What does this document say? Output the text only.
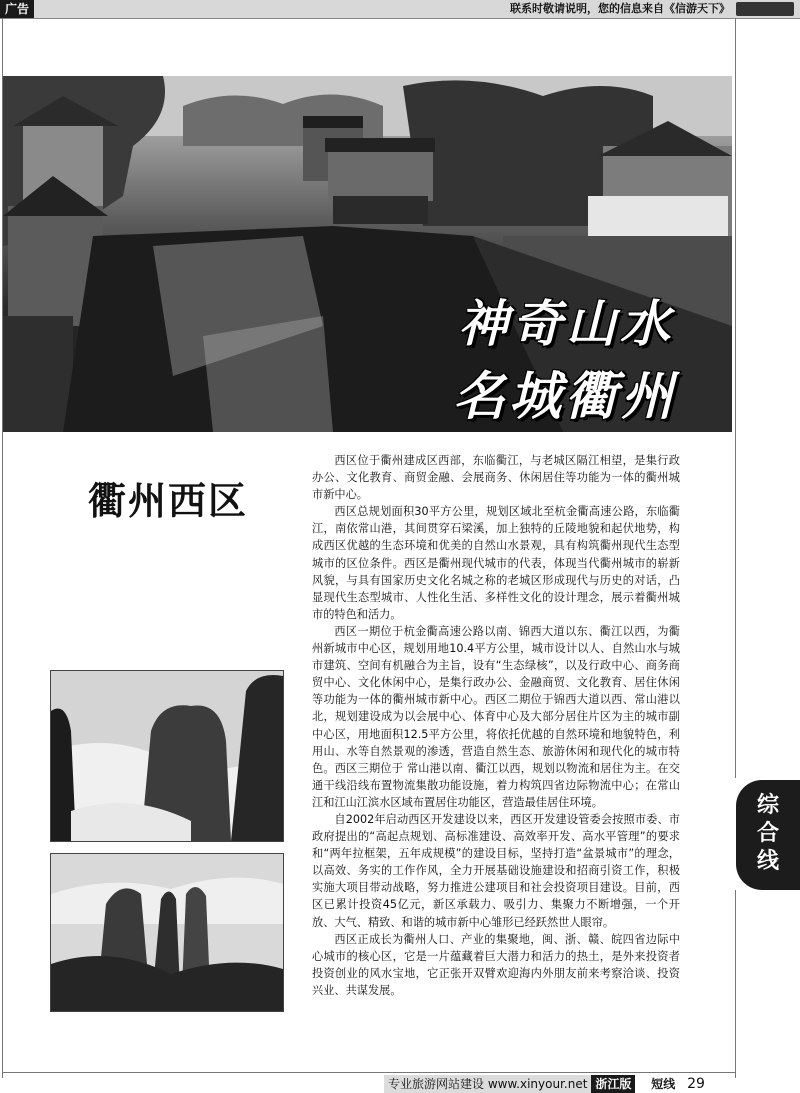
广告	联系时敬请说明，您的信息来自《信游天下》
神奇山水
名城衢州
衢州西区

西区位于衢州建成区西部，东临衢江，与老城区隔江相望，是集行政办公、文化教育、商贸金融、会展商务、休闲居住等功能为一体的衢州城市新中心。

西区总规划面积30平方公里，规划区域北至杭金衢高速公路，东临衢江，南依常山港，其间贯穿石梁溪，加上独特的丘陵地貌和起伏地势，构成西区优越的生态环境和优美的自然山水景观，具有构筑衢州现代生态型城市的区位条件。西区是衢州现代城市的代表，体现当代衢州城市的崭新风貌，与具有国家历史文化名城之称的老城区形成现代与历史的对话，凸显现代生态型城市、人性化生活、多样性文化的设计理念，展示着衢州城市的特色和活力。

西区一期位于杭金衢高速公路以南、锦西大道以东、衢江以西，为衢州新城市中心区，规划用地10.4平方公里，城市设计以人、自然山水与城市建筑、空间有机融合为主旨，设有“生态绿核”，以及行政中心、商务商贸中心、文化休闲中心，是集行政办公、金融商贸、文化教育、居住休闲等功能为一体的衢州城市新中心。西区二期位于锦西大道以西、常山港以北，规划建设成为以会展中心、体育中心及大部分居住片区为主的城市副中心区，用地面积12.5平方公里，将依托优越的自然环境和地貌特色，利用山、水等自然景观的渗透，营造自然生态、旅游休闲和现代化的城市特色。西区三期位于 常山港以南、衢江以西，规划以物流和居住为主。在交通干线沿线布置物流集散功能设施，着力构筑四省边际物流中心；在常山江和江山江滨水区域布置居住功能区，营造最佳居住环境。

自2002年启动西区开发建设以来，西区开发建设管委会按照市委、市政府提出的“高起点规划、高标准建设、高效率开发、高水平管理”的要求和“两年拉框架，五年成规模”的建设目标，坚持打造“盆景城市”的理念，以高效、务实的工作作风，全力开展基础设施建设和招商引资工作，积极实施大项目带动战略，努力推进公建项目和社会投资项目建设。目前，西区已累计投资45亿元，新区承载力、吸引力、集聚力不断增强，一个开放、大气、精致、和谐的城市新中心雏形已经跃然世人眼帘。

西区正成长为衢州人口、产业的集聚地，闽、浙、赣、皖四省边际中心城市的核心区，它是一片蕴藏着巨大潜力和活力的热土，是外来投资者投资创业的风水宝地，它正张开双臂欢迎海内外朋友前来考察洽谈、投资兴业、共谋发展。

综
合
线
专业旅游网站建设 www.xinyour.net 浙江版 短线 29
